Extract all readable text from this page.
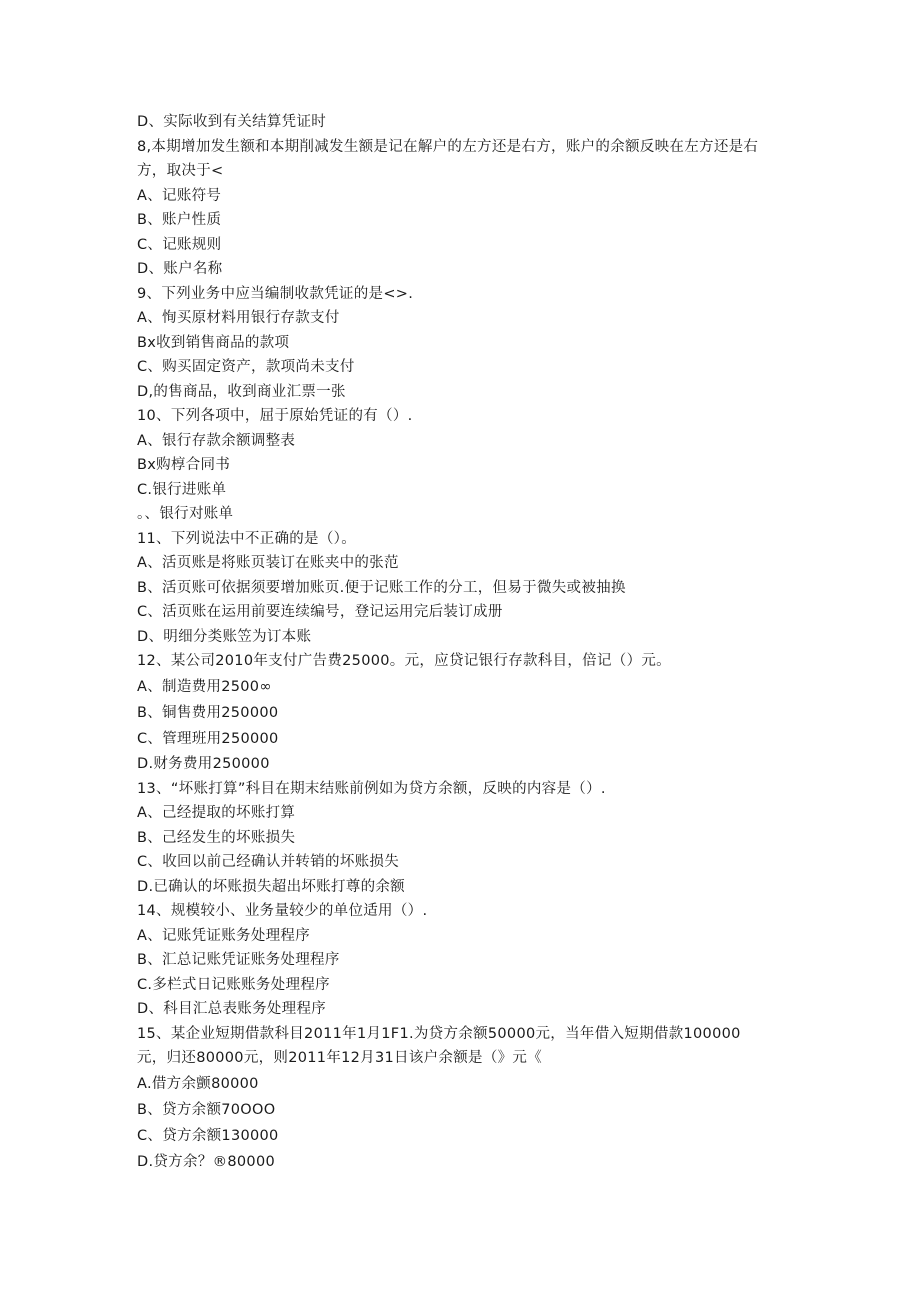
D、实际收到有关结算凭证时
8,本期增加发生额和本期削减发生额是记在解户的左方还是右方，账户的余额反映在左方还是右
方，取决于<
A、记账符号
B、账户性质
C、记账规则
D、账户名称
9、下列业务中应当编制收款凭证的是<>.
A、恂买原材料用银行存款支付
Bx收到销售商品的款项
C、购买固定资产，款项尚未支付
D,的售商品，收到商业汇票一张
10、下列各项中，屈于原始凭证的有（）.
A、银行存款余额调整表
Bx购椁合同书
C.银行进账单
。、银行对账单
11、下列说法中不正确的是（）。
A、活页账是将账页装订在账夹中的张范
B、活页账可依据须要增加账页.便于记账工作的分工，但易于微失或被抽换
C、活页账在运用前要连续编号，登记运用完后装订成册
D、明细分类账笠为订本账
12、某公司2010年支付广告费25000。元，应贷记银行存款科目，倍记（）元。
A、制造费用2500∞
B、铜售费用250000
C、管理班用250000
D.财务费用250000
13、“坏账打算”科目在期末结账前例如为贷方余额，反映的内容是（）.
A、己经提取的坏账打算
B、己经发生的坏账损失
C、收回以前己经确认并转销的坏账损失
D.已确认的坏账损失超出坏账打尊的余额
14、规模较小、业务量较少的单位适用（）.
A、记账凭证账务处理程序
B、汇总记账凭证账务处理程序
C.多栏式日记账账务处理程序
D、科目汇总表账务处理程序
15、某企业短期借款科目2011年1月1F1.为贷方余额50000元，当年借入短期借款100000
元，归还80000元，则2011年12月31日该户余额是（》元《
A.借方余颤80000
B、贷方余额70OOO
C、贷方余额130000
D.贷方余？®80000
